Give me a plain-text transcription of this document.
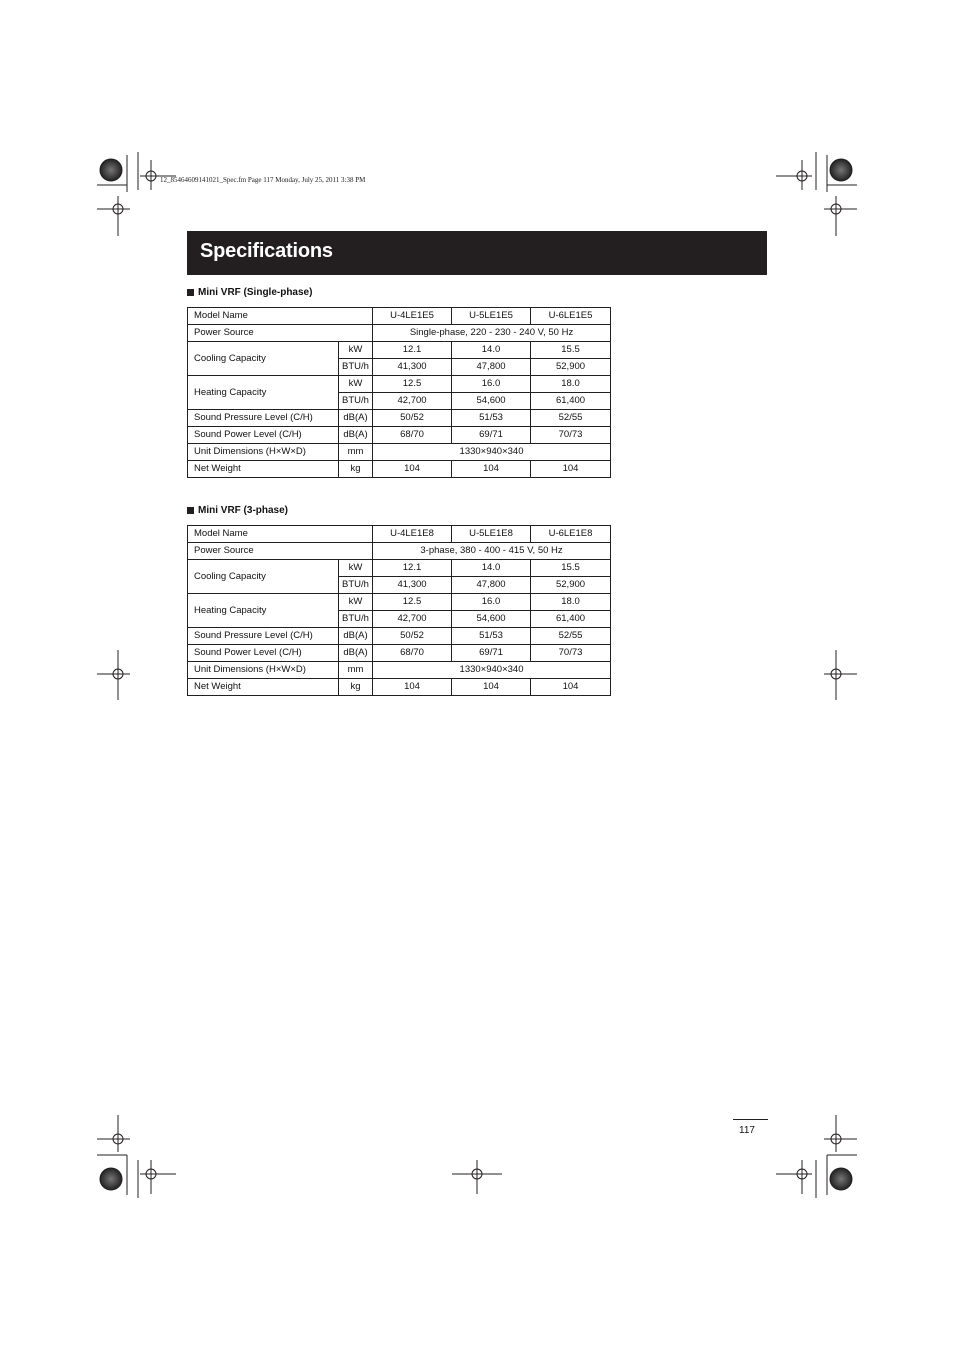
12_85464609141021_Spec.fm Page 117 Monday, July 25, 2011 3:38 PM
Specifications
Mini VRF (Single-phase)
Model Name		U-4LE1E5	U-5LE1E5	U-6LE1E5
Power Source		Single-phase, 220 - 230 - 240 V, 50 Hz		
Cooling Capacity	kW	12.1	14.0	15.5
	BTU/h	41,300	47,800	52,900
Heating Capacity	kW	12.5	16.0	18.0
	BTU/h	42,700	54,600	61,400
Sound Pressure Level (C/H)	dB(A)	50/52	51/53	52/55
Sound Power Level (C/H)	dB(A)	68/70	69/71	70/73
Unit Dimensions (H×W×D)	mm	1330×940×340		
Net Weight	kg	104	104	104
Mini VRF (3-phase)
Model Name		U-4LE1E8	U-5LE1E8	U-6LE1E8
Power Source		3-phase, 380 - 400 - 415 V, 50 Hz		
Cooling Capacity	kW	12.1	14.0	15.5
	BTU/h	41,300	47,800	52,900
Heating Capacity	kW	12.5	16.0	18.0
	BTU/h	42,700	54,600	61,400
Sound Pressure Level (C/H)	dB(A)	50/52	51/53	52/55
Sound Power Level (C/H)	dB(A)	68/70	69/71	70/73
Unit Dimensions (H×W×D)	mm	1330×940×340		
Net Weight	kg	104	104	104
117
